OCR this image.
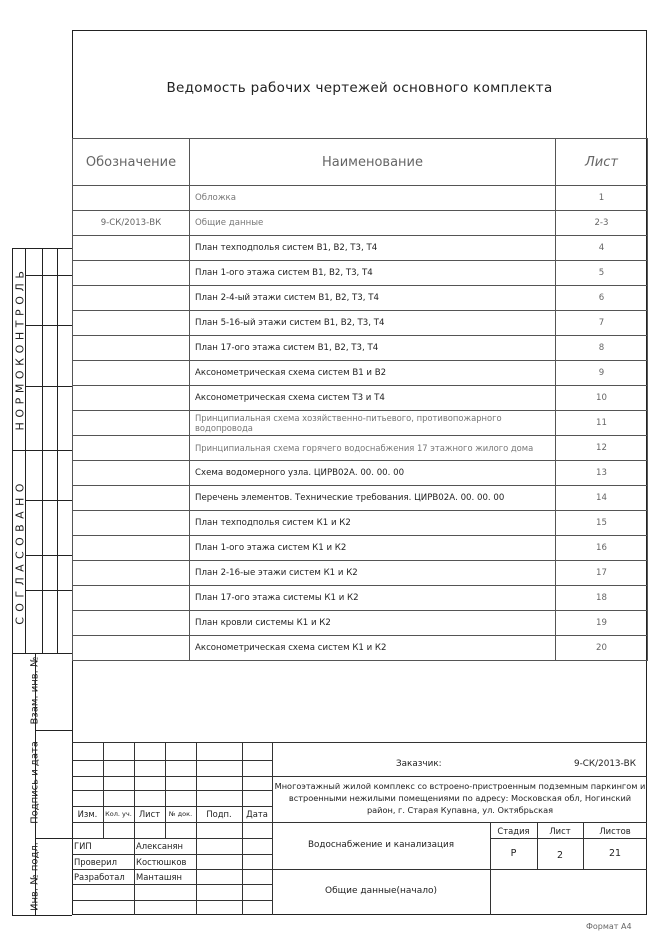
Ведомость рабочих чертежей основного комплекта
Обозначение	Наименование	Лист
	Обложка	1
9-СК/2013-ВК	Общие данные	2-3
	План техподполья систем В1, В2, Т3, Т4	4
	План 1-ого этажа систем В1, В2, Т3, Т4	5
	План 2-4-ый этажи систем В1, В2, Т3, Т4	6
	План 5-16-ый этажи систем В1, В2, Т3, Т4	7
	План 17-ого этажа систем В1, В2, Т3, Т4	8
	Аксонометрическая схема систем В1 и В2	9
	Аксонометрическая схема систем Т3 и Т4	10
	Принципиальная схема хозяйственно-питьевого, противопожарного водопровода	11
	Принципиальная схема горячего водоснабжения 17 этажного жилого дома	12
	Схема водомерного узла. ЦИРВ02А. 00. 00. 00	13
	Перечень элементов. Технические требования. ЦИРВ02А. 00. 00. 00	14
	План техподполья систем К1 и К2	15
	План 1-ого этажа систем К1 и К2	16
	План 2-16-ые этажи систем К1 и К2	17
	План 17-ого этажа системы К1 и К2	18
	План кровли системы К1 и К2	19
	Аксонометрическая схема систем К1 и К2	20
НОРМОКОНТРОЛЬ
СОГЛАСОВАНО
Взам. инв. №
Подпись и дата
Инв. № подл.
Изм.	Кол. уч. Лист	№ док.	Подп.	Дата
ГИП	Алексанян
Проверил Костюшков
Разработал Манташян
Заказчик:	9-СК/2013-ВК
Многоэтажный жилой комплекс со встроено-пристроенным подземным паркингом и встроенными нежилыми помещениями по адресу: Московская обл, Ногинский район, г. Старая Купавна, ул. Октябрьская
Водоснабжение и канализация
Стадия	Лист	Листов
Р	2	21
Общие данные(начало)
Формат А4
